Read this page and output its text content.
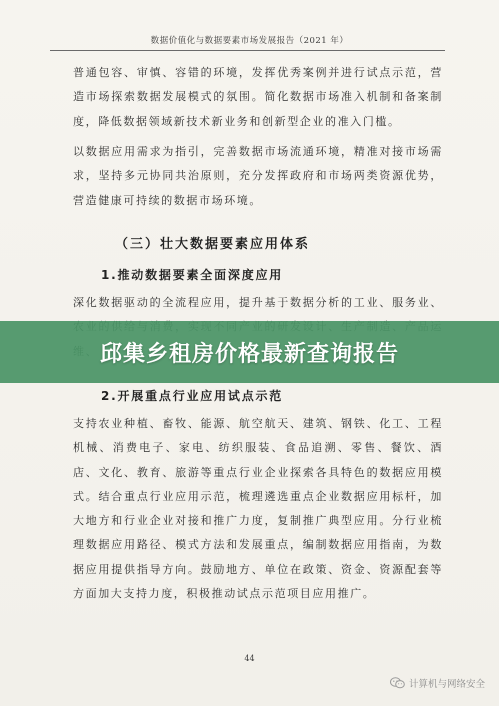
数据价值化与数据要素市场发展报告（2021 年）

普通包容、审慎、容错的环境，发挥优秀案例并进行试点示范，营造市场探索数据发展模式的氛围。简化数据市场准入机制和备案制度，降低数据领域新技术新业务和创新型企业的准入门槛。

以数据应用需求为指引，完善数据市场流通环境，精准对接市场需求，坚持多元协同共治原则，充分发挥政府和市场两类资源优势，营造健康可持续的数据市场环境。

（三）壮大数据要素应用体系
1.推动数据要素全面深度应用

深化数据驱动的全流程应用，提升基于数据分析的工业、服务业、

2.开展重点行业应用试点示范

支持农业种植、畜牧、能源、航空航天、建筑、钢铁、化工、工程机械、消费电子、家电、纺织服装、食品追溯、零售、餐饮、酒店、文化、教育、旅游等重点行业企业探索各具特色的数据应用模式。结合重点行业应用示范，梳理遴选重点企业数据应用标杆，加大地方和行业企业对接和推广力度，复制推广典型应用。分行业梳理数据应用路径、模式方法和发展重点，编制数据应用指南，为数据应用提供指导方向。鼓励地方、单位在政策、资金、资源配套等方面加大支持力度，积极推动试点示范项目应用推广。

44
邱集乡租房价格最新查询报告
计算机与网络安全
